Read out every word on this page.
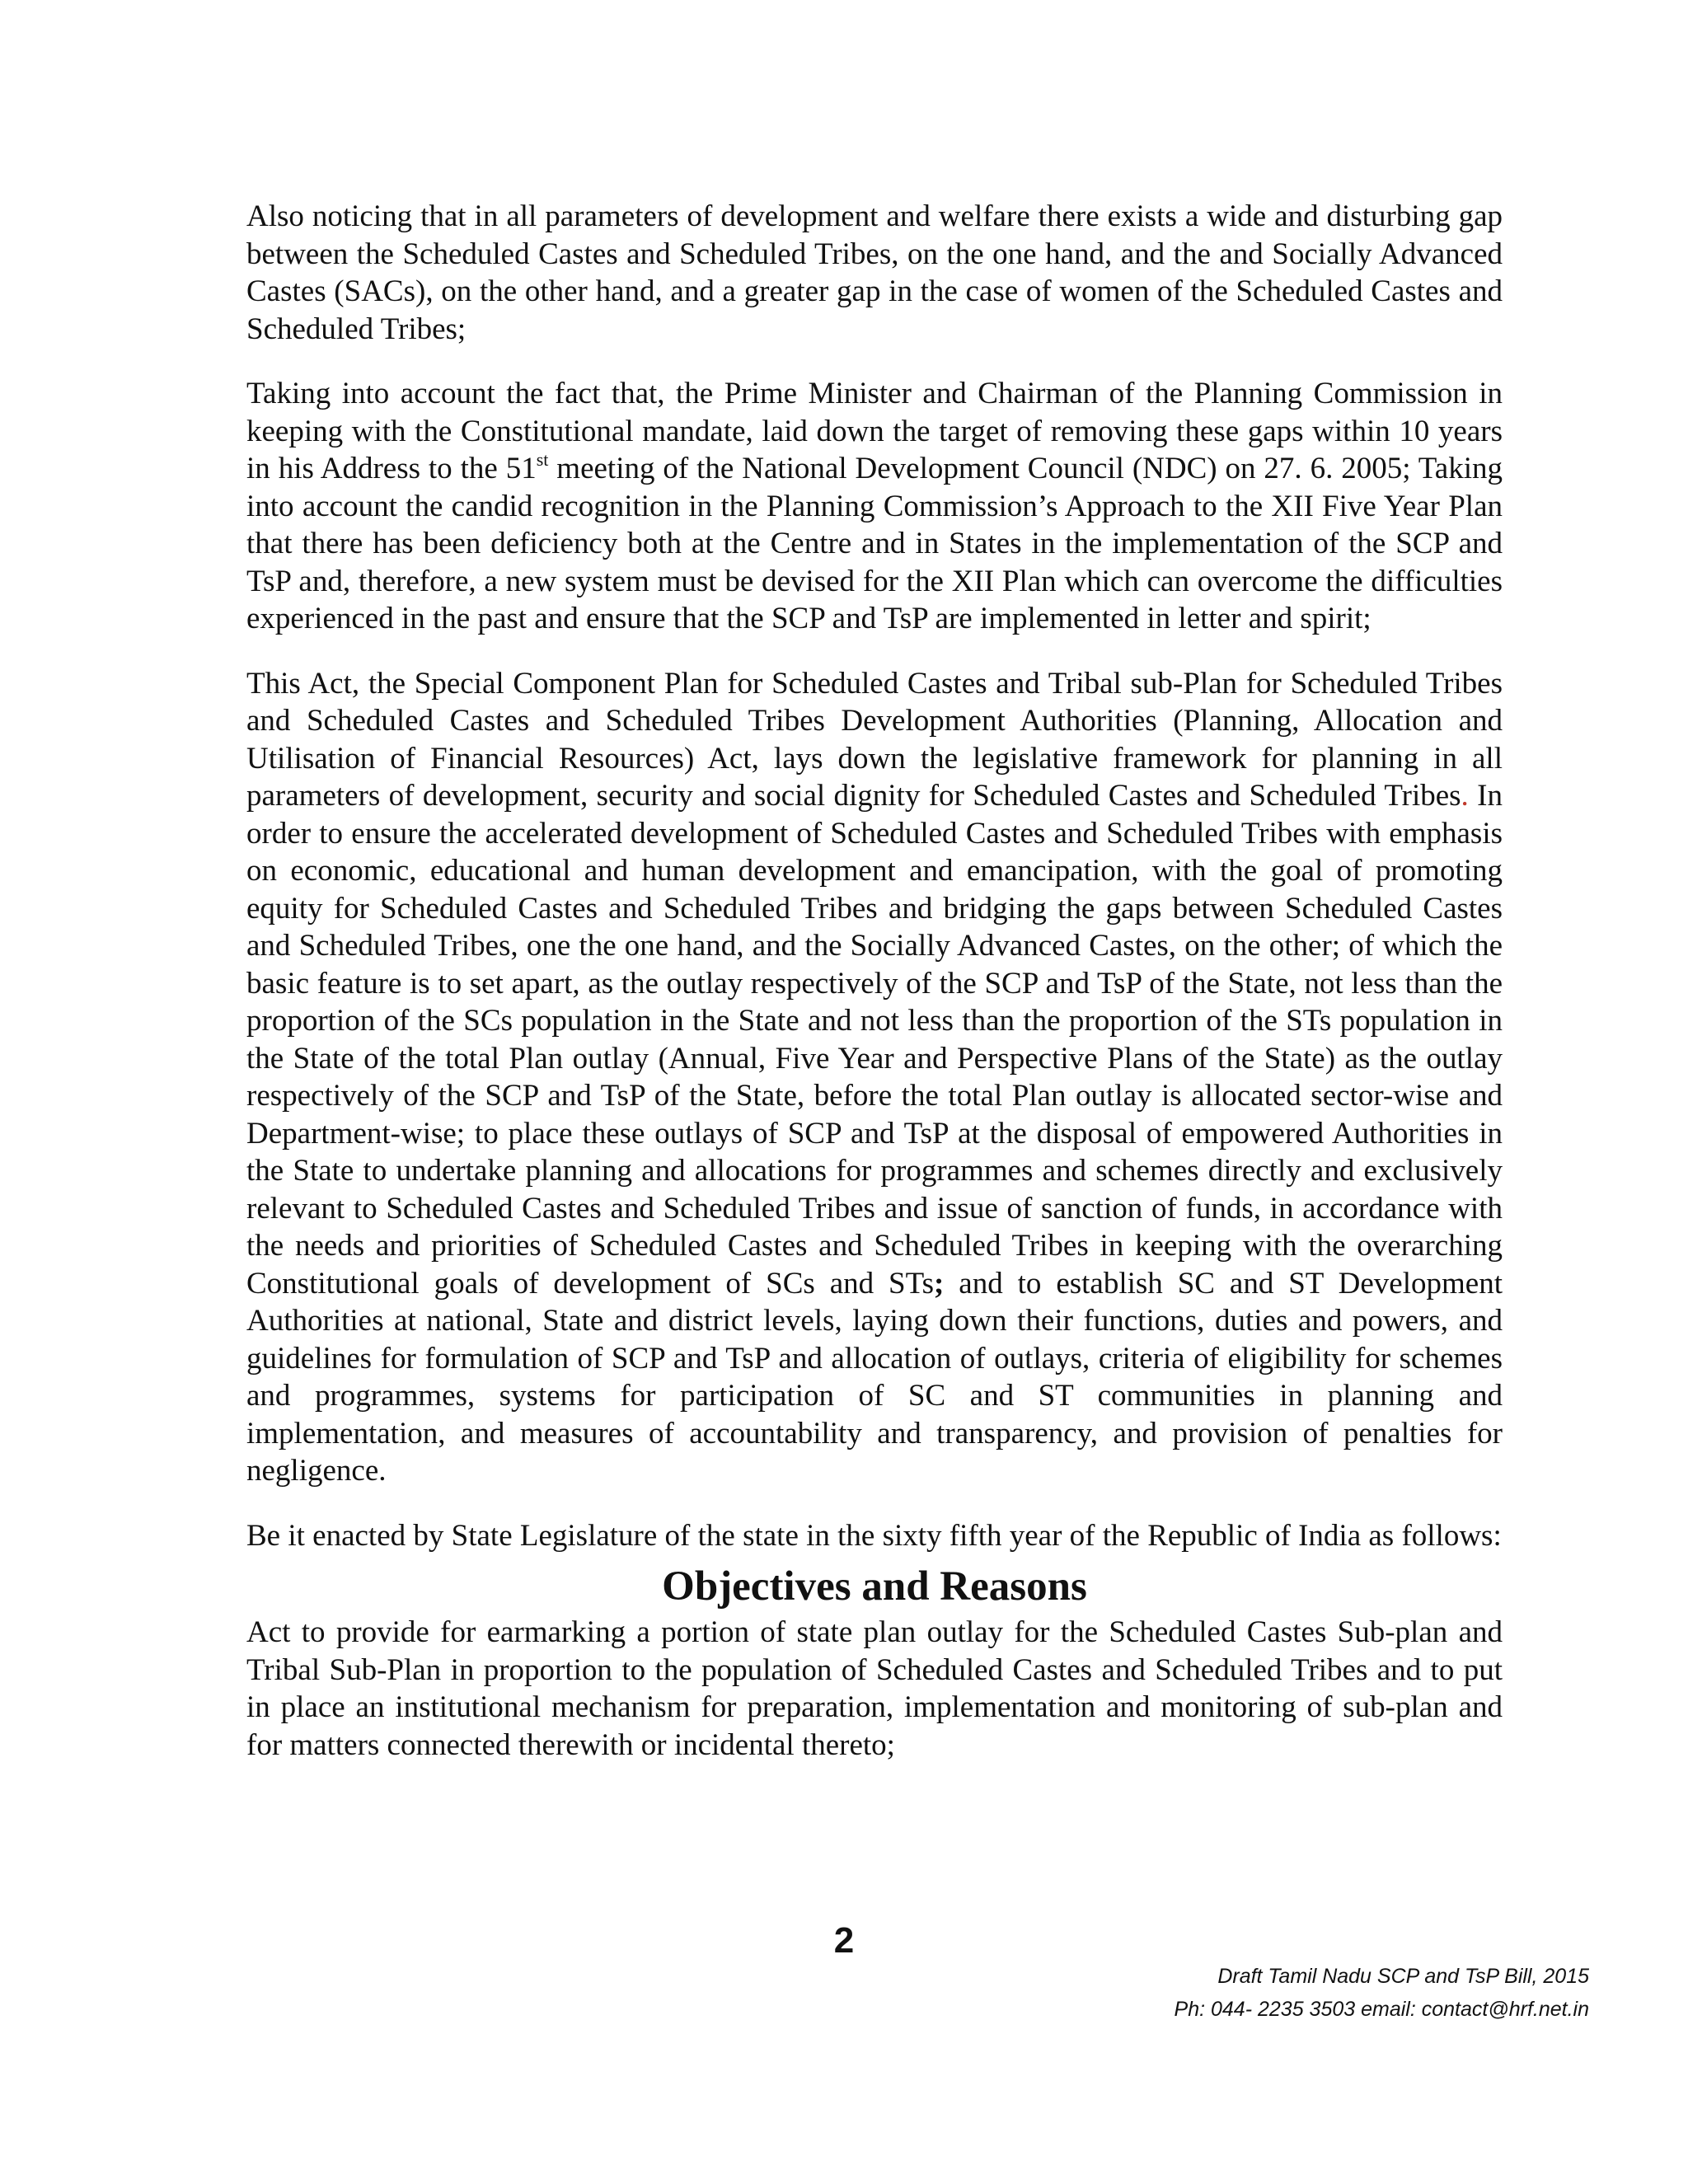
Also noticing that in all parameters of development and welfare there exists a wide and disturbing gap between the Scheduled Castes and Scheduled Tribes, on the one hand, and the and Socially Advanced Castes (SACs), on the other hand, and a greater gap in the case of women of the Scheduled Castes and Scheduled Tribes;

Taking into account the fact that, the Prime Minister and Chairman of the Planning Commission in keeping with the Constitutional mandate, laid down the target of removing these gaps within 10 years in his Address to the 51st meeting of the National Development Council (NDC) on 27. 6. 2005; Taking into account the candid recognition in the Planning Commission’s Approach to the XII Five Year Plan that there has been deficiency both at the Centre and in States in the implementation of the SCP and TsP and, therefore, a new system must be devised for the XII Plan which can overcome the difficulties experienced in the past and ensure that the SCP and TsP are implemented in letter and spirit;

This Act, the Special Component Plan for Scheduled Castes and Tribal sub-Plan for Scheduled Tribes and Scheduled Castes and Scheduled Tribes Development Authorities (Planning, Allocation and Utilisation of Financial Resources) Act, lays down the legislative framework for planning in all parameters of development, security and social dignity for Scheduled Castes and Scheduled Tribes. In order to ensure the accelerated development of Scheduled Castes and Scheduled Tribes with emphasis on economic, educational and human development and emancipation, with the goal of promoting equity for Scheduled Castes and Scheduled Tribes and bridging the gaps between Scheduled Castes and Scheduled Tribes, one the one hand, and the Socially Advanced Castes, on the other; of which the basic feature is to set apart, as the outlay respectively of the SCP and TsP of the State, not less than the proportion of the SCs population in the State and not less than the proportion of the STs population in the State of the total Plan outlay (Annual, Five Year and Perspective Plans of the State) as the outlay respectively of the SCP and TsP of the State, before the total Plan outlay is allocated sector-wise and Department-wise; to place these outlays of SCP and TsP at the disposal of empowered Authorities in the State to undertake planning and allocations for programmes and schemes directly and exclusively relevant to Scheduled Castes and Scheduled Tribes and issue of sanction of funds, in accordance with the needs and priorities of Scheduled Castes and Scheduled Tribes in keeping with the overarching Constitutional goals of development of SCs and STs; and to establish SC and ST Development Authorities at national, State and district levels, laying down their functions, duties and powers, and guidelines for formulation of SCP and TsP and allocation of outlays, criteria of eligibility for schemes and programmes, systems for participation of SC and ST communities in planning and implementation, and measures of accountability and transparency, and provision of penalties for negligence.

Be it enacted by State Legislature of the state in the sixty fifth year of the Republic of India as follows:

Objectives and Reasons

Act to provide for earmarking a portion of state plan outlay for the Scheduled Castes Sub-plan and Tribal Sub-Plan in proportion to the population of Scheduled Castes and Scheduled Tribes and to put in place an institutional mechanism for preparation, implementation and monitoring of sub-plan and for matters connected therewith or incidental thereto;

2
Draft Tamil Nadu SCP and TsP Bill, 2015
Ph: 044- 2235 3503 email: contact@hrf.net.in
